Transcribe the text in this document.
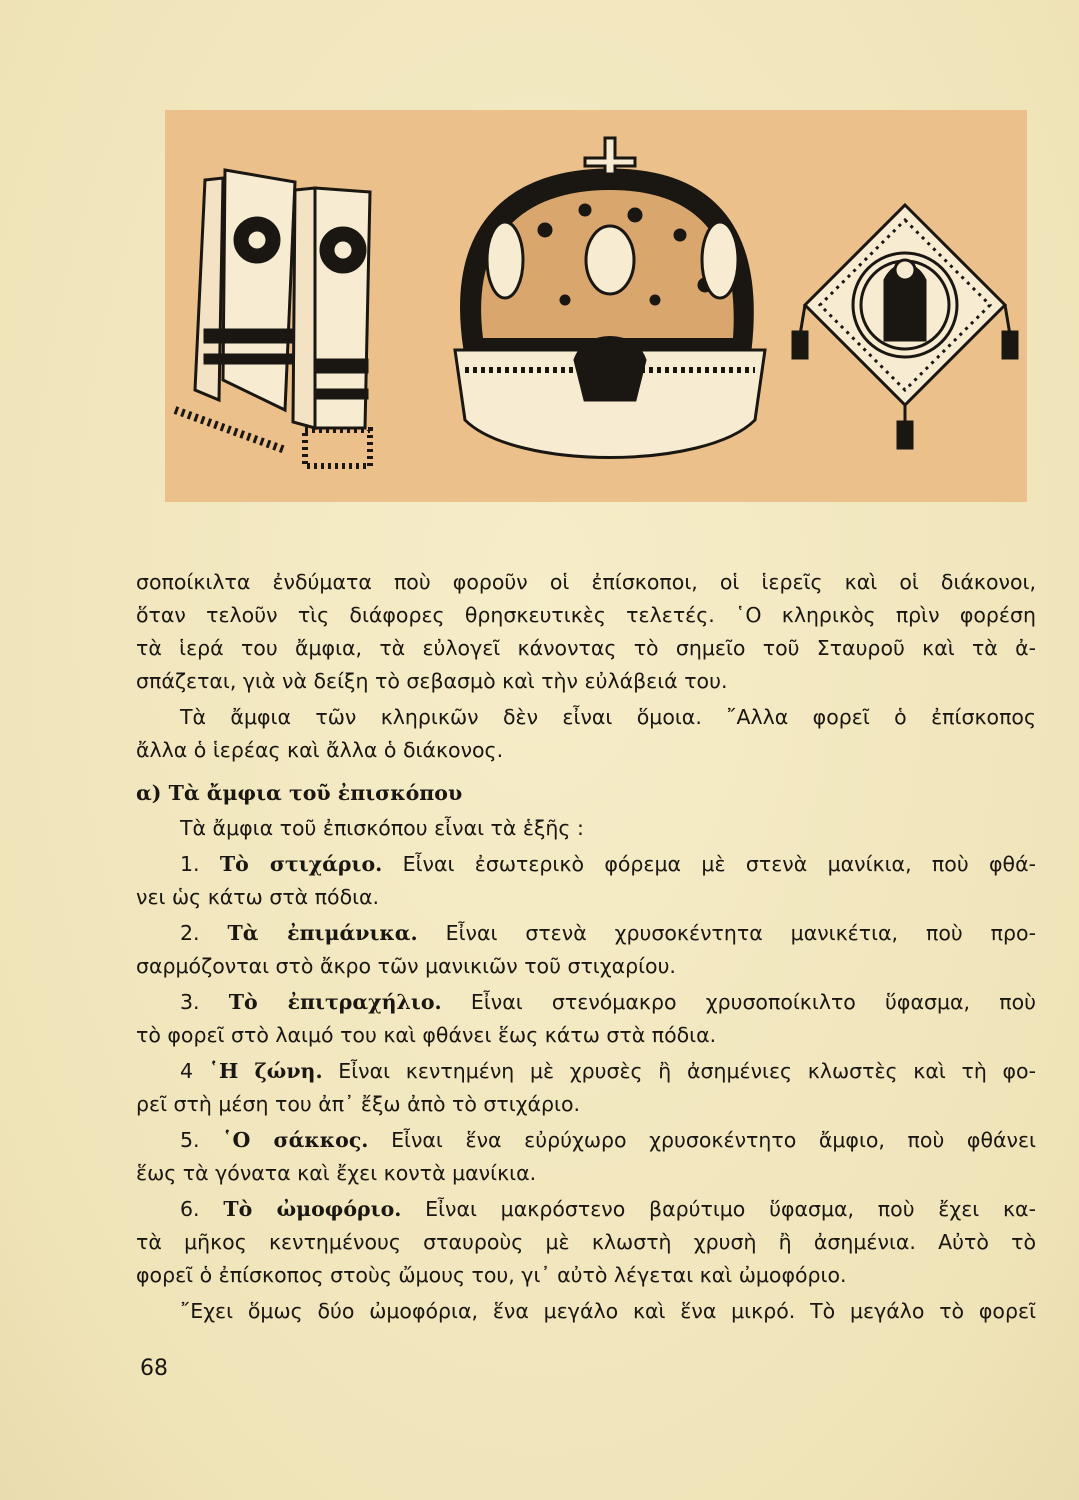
σοποίκιλτα ἐνδύματα ποὺ φοροῦν οἱ ἐπίσκοποι, οἱ ἱερεῖς καὶ οἱ διάκονοι,
ὅταν τελοῦν τὶς διάφορες θρησκευτικὲς τελετές. ῾Ο κληρικὸς πρὶν φορέση
τὰ ἱερά του ἄμφια, τὰ εὐλογεῖ κάνοντας τὸ σημεῖο τοῦ Σταυροῦ καὶ τὰ ἀ-
σπάζεται, γιὰ νὰ δείξη τὸ σεβασμὸ καὶ τὴν εὐλάβειά του.
Τὰ ἄμφια τῶν κληρικῶν δὲν εἶναι ὅμοια. ῎Αλλα φορεῖ ὁ ἐπίσκοπος
ἄλλα ὁ ἱερέας καὶ ἄλλα ὁ διάκονος.
α) Τὰ ἄμφια τοῦ ἐπισκόπου
Τὰ ἄμφια τοῦ ἐπισκόπου εἶναι τὰ ἑξῆς :
1. Τὸ στιχάριο. Εἶναι ἐσωτερικὸ φόρεμα μὲ στενὰ μανίκια, ποὺ φθά-
νει ὡς κάτω στὰ πόδια.
2. Τὰ ἐπιμάνικα. Εἶναι στενὰ χρυσοκέντητα μανικέτια, ποὺ προ-
σαρμόζονται στὸ ἄκρο τῶν μανικιῶν τοῦ στιχαρίου.
3. Τὸ ἐπιτραχήλιο. Εἶναι στενόμακρο χρυσοποίκιλτο ὕφασμα, ποὺ
τὸ φορεῖ στὸ λαιμό του καὶ φθάνει ἕως κάτω στὰ πόδια.
4 ῾Η ζώνη. Εἶναι κεντημένη μὲ χρυσὲς ἢ ἀσημένιες κλωστὲς καὶ τὴ φο-
ρεῖ στὴ μέση του ἀπ᾿ ἔξω ἀπὸ τὸ στιχάριο.
5. ῾Ο σάκκος. Εἶναι ἕνα εὐρύχωρο χρυσοκέντητο ἄμφιο, ποὺ φθάνει
ἕως τὰ γόνατα καὶ ἔχει κοντὰ μανίκια.
6. Τὸ ὠμοφόριο. Εἶναι μακρόστενο βαρύτιμο ὕφασμα, ποὺ ἔχει κα-
τὰ μῆκος κεντημένους σταυροὺς μὲ κλωστὴ χρυσὴ ἢ ἀσημένια. Αὐτὸ τὸ
φορεῖ ὁ ἐπίσκοπος στοὺς ὤμους του, γι᾿ αὐτὸ λέγεται καὶ ὠμοφόριο.
῎Εχει ὅμως δύο ὠμοφόρια, ἕνα μεγάλο καὶ ἕνα μικρό. Τὸ μεγάλο τὸ φορεῖ
68
